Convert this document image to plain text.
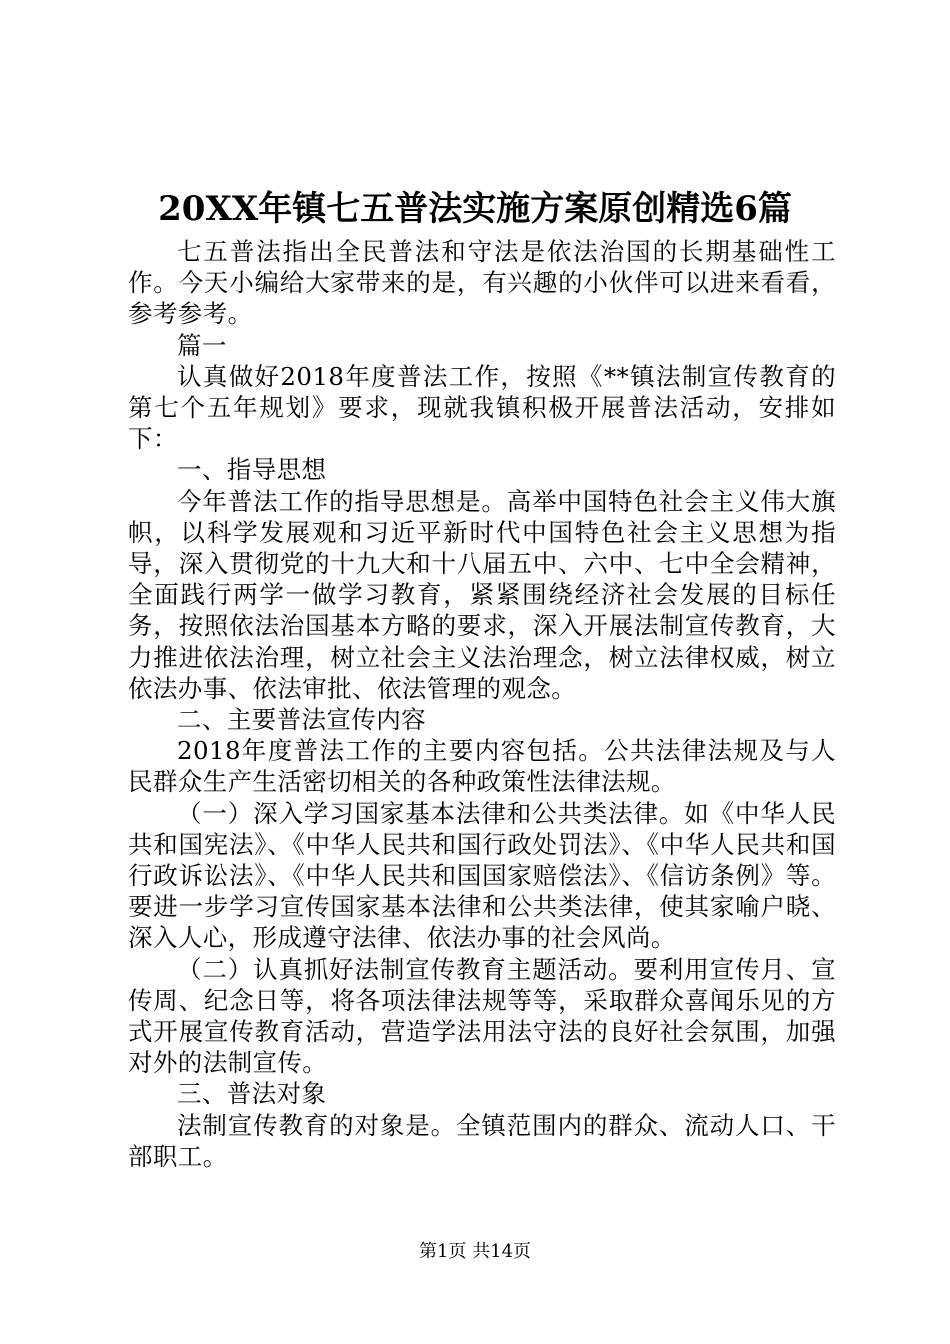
20XX年镇七五普法实施方案原创精选6篇

七五普法指出全民普法和守法是依法治国的长期基础性工作。今天小编给大家带来的是，有兴趣的小伙伴可以进来看看，参考参考。

篇一

认真做好2018年度普法工作，按照《**镇法制宣传教育的第七个五年规划》要求，现就我镇积极开展普法活动，安排如下：

一、指导思想

今年普法工作的指导思想是。高举中国特色社会主义伟大旗帜，以科学发展观和习近平新时代中国特色社会主义思想为指导，深入贯彻党的十九大和十八届五中、六中、七中全会精神，全面践行两学一做学习教育，紧紧围绕经济社会发展的目标任务，按照依法治国基本方略的要求，深入开展法制宣传教育，大力推进依法治理，树立社会主义法治理念，树立法律权威，树立依法办事、依法审批、依法管理的观念。

二、主要普法宣传内容

2018年度普法工作的主要内容包括。公共法律法规及与人民群众生产生活密切相关的各种政策性法律法规。

（一）深入学习国家基本法律和公共类法律。如《中华人民共和国宪法》、《中华人民共和国行政处罚法》、《中华人民共和国行政诉讼法》、《中华人民共和国国家赔偿法》、《信访条例》等。要进一步学习宣传国家基本法律和公共类法律，使其家喻户晓、深入人心，形成遵守法律、依法办事的社会风尚。

（二）认真抓好法制宣传教育主题活动。要利用宣传月、宣传周、纪念日等，将各项法律法规等等，采取群众喜闻乐见的方式开展宣传教育活动，营造学法用法守法的良好社会氛围，加强对外的法制宣传。

三、普法对象

法制宣传教育的对象是。全镇范围内的群众、流动人口、干部职工。

第1页 共14页
